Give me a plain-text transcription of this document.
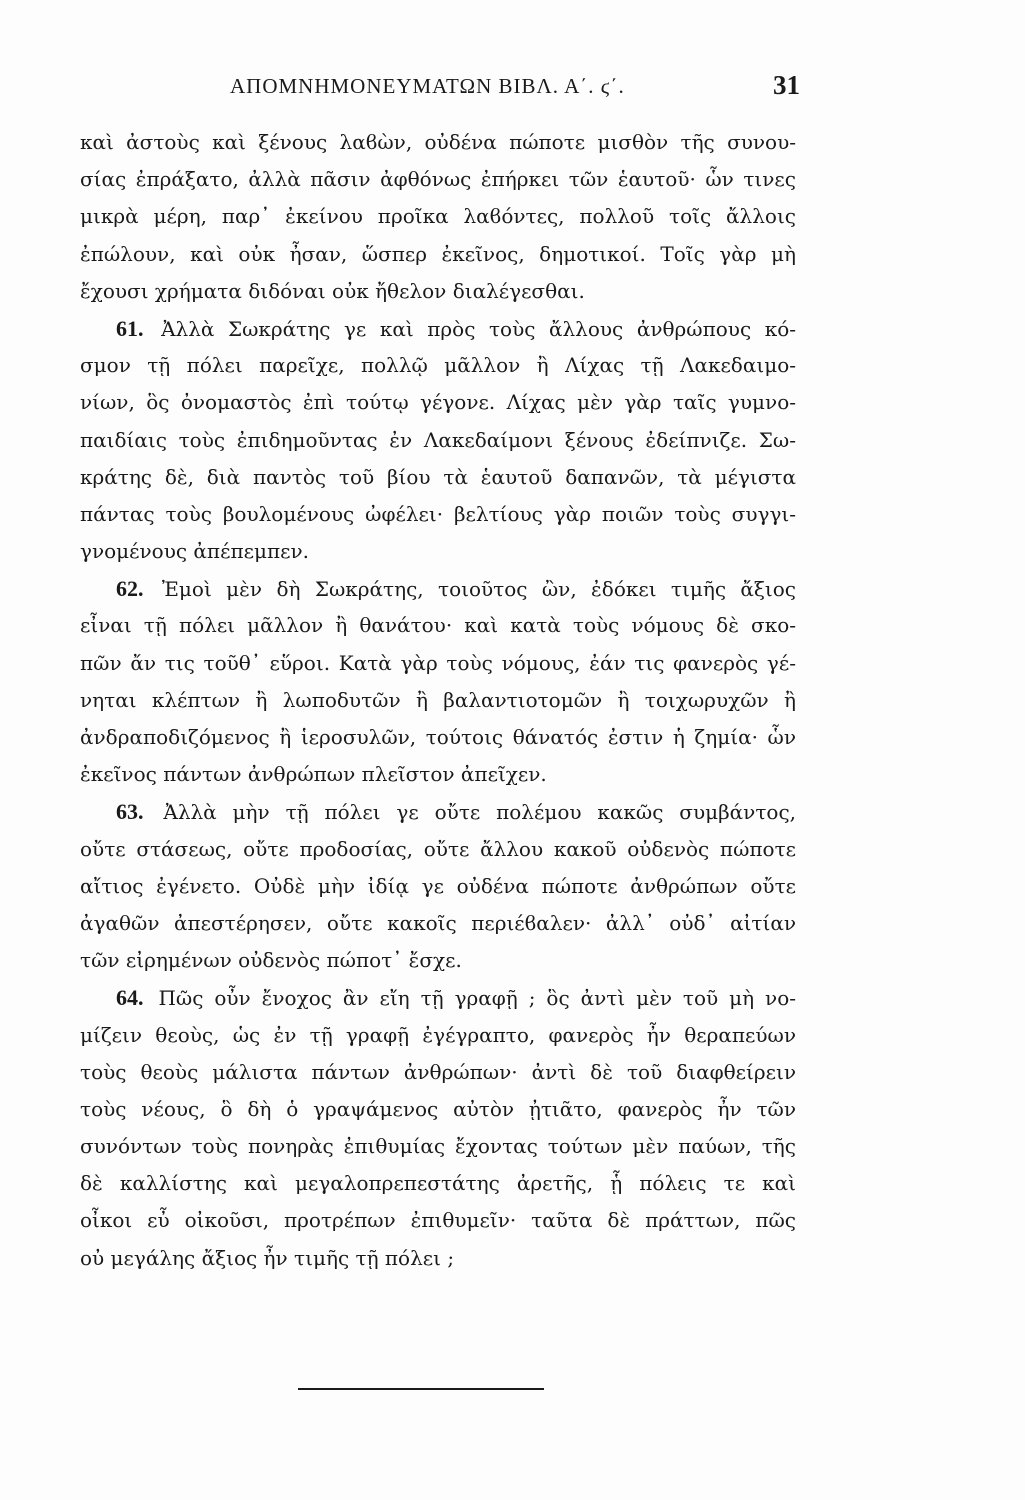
ΑΠΟΜΝΗΜΟΝΕΥΜΑΤΩΝ ΒΙΒΛ. Α΄. ϛ΄.	31
καὶ ἀστοὺς καὶ ξένους λαϐὼν, οὐδένα πώποτε μισθὸν τῆς συνου-
σίας ἐπράξατο, ἀλλὰ πᾶσιν ἀφθόνως ἐπήρκει τῶν ἑαυτοῦ· ὧν τινες
μικρὰ μέρη, παρ᾽ ἐκείνου προῖκα λαϐόντες, πολλοῦ τοῖς ἄλλοις
ἐπώλουν, καὶ οὐκ ἦσαν, ὥσπερ ἐκεῖνος, δημοτικοί. Τοῖς γὰρ μὴ
ἔχουσι χρήματα διδόναι οὐκ ἤθελον διαλέγεσθαι.
61. Ἀλλὰ Σωκράτης γε καὶ πρὸς τοὺς ἄλλους ἀνθρώπους κό-
σμον τῇ πόλει παρεῖχε, πολλῷ μᾶλλον ἢ Λίχας τῇ Λακεδαιμο-
νίων, ὃς ὀνομαστὸς ἐπὶ τούτῳ γέγονε. Λίχας μὲν γὰρ ταῖς γυμνο-
παιδίαις τοὺς ἐπιδημοῦντας ἐν Λακεδαίμονι ξένους ἐδείπνιζε. Σω-
κράτης δὲ, διὰ παντὸς τοῦ βίου τὰ ἑαυτοῦ δαπανῶν, τὰ μέγιστα
πάντας τοὺς βουλομένους ὠφέλει· βελτίους γὰρ ποιῶν τοὺς συγγι-
γνομένους ἀπέπεμπεν.
62. Ἐμοὶ μὲν δὴ Σωκράτης, τοιοῦτος ὢν, ἐδόκει τιμῆς ἄξιος
εἶναι τῇ πόλει μᾶλλον ἢ θανάτου· καὶ κατὰ τοὺς νόμους δὲ σκο-
πῶν ἄν τις τοῦθ᾽ εὕροι. Κατὰ γὰρ τοὺς νόμους, ἐάν τις φανερὸς γέ-
νηται κλέπτων ἢ λωποδυτῶν ἢ βαλαντιοτομῶν ἢ τοιχωρυχῶν ἢ
ἀνδραποδιζόμενος ἢ ἱεροσυλῶν, τούτοις θάνατός ἐστιν ἡ ζημία· ὧν
ἐκεῖνος πάντων ἀνθρώπων πλεῖστον ἀπεῖχεν.
63. Ἀλλὰ μὴν τῇ πόλει γε οὔτε πολέμου κακῶς συμβάντος,
οὔτε στάσεως, οὔτε προδοσίας, οὔτε ἄλλου κακοῦ οὐδενὸς πώποτε
αἴτιος ἐγένετο. Οὐδὲ μὴν ἰδίᾳ γε οὐδένα πώποτε ἀνθρώπων οὔτε
ἀγαθῶν ἀπεστέρησεν, οὔτε κακοῖς περιέϐαλεν· ἀλλ᾽ οὐδ᾽ αἰτίαν
τῶν εἰρημένων οὐδενὸς πώποτ᾽ ἔσχε.
64. Πῶς οὖν ἔνοχος ἂν εἴη τῇ γραφῇ ; ὃς ἀντὶ μὲν τοῦ μὴ νο-
μίζειν θεοὺς, ὡς ἐν τῇ γραφῇ ἐγέγραπτο, φανερὸς ἦν θεραπεύων
τοὺς θεοὺς μάλιστα πάντων ἀνθρώπων· ἀντὶ δὲ τοῦ διαφθείρειν
τοὺς νέους, ὃ δὴ ὁ γραψάμενος αὐτὸν ᾐτιᾶτο, φανερὸς ἦν τῶν
συνόντων τοὺς πονηρὰς ἐπιθυμίας ἔχοντας τούτων μὲν παύων, τῆς
δὲ καλλίστης καὶ μεγαλοπρεπεστάτης ἀρετῆς, ᾗ πόλεις τε καὶ
οἶκοι εὖ οἰκοῦσι, προτρέπων ἐπιθυμεῖν· ταῦτα δὲ πράττων, πῶς
οὐ μεγάλης ἄξιος ἦν τιμῆς τῇ πόλει ;
